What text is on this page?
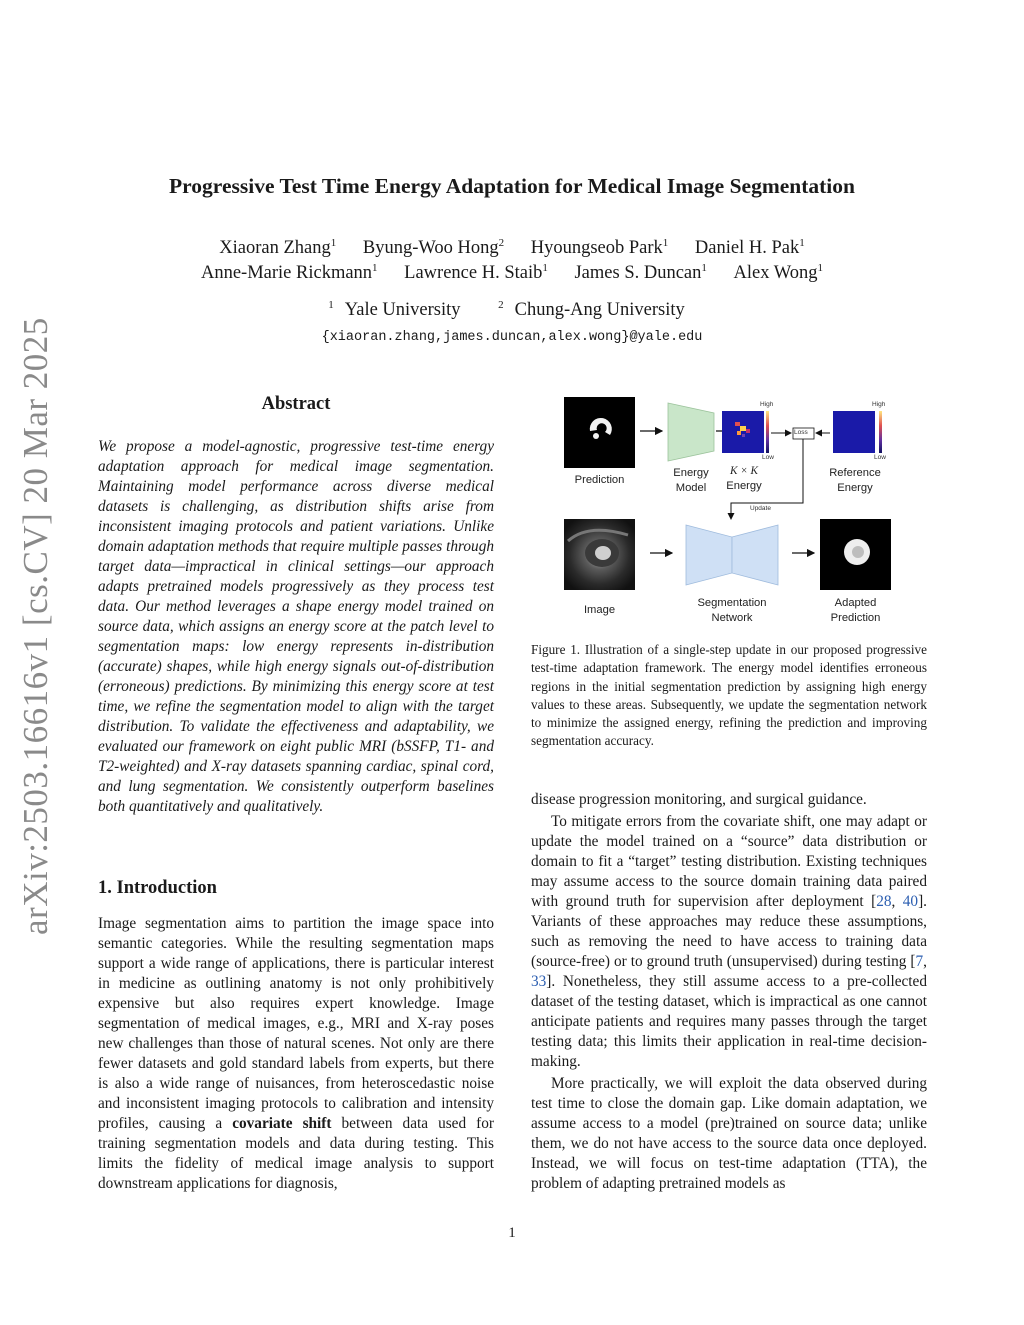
arXiv:2503.16616v1 [cs.CV] 20 Mar 2025
Progressive Test Time Energy Adaptation for Medical Image Segmentation
Xiaoran Zhang$^1$ Byung-Woo Hong$^2$ Hyoungseob Park$^1$ Daniel H. Pak$^1$
Anne-Marie Rickmann$^1$ Lawrence H. Staib$^1$ James S. Duncan$^1$ Alex Wong$^1$
$^1$ Yale University	$^2$ Chung-Ang University
{xiaoran.zhang,james.duncan,alex.wong}@yale.edu
Abstract
We propose a model-agnostic, progressive test-time energy adaptation approach for medical image segmentation. Maintaining model performance across diverse medical datasets is challenging, as distribution shifts arise from inconsistent imaging protocols and patient variations. Unlike domain adaptation methods that require multiple passes through target data—impractical in clinical settings—our approach adapts pretrained models progressively as they process test data. Our method leverages a shape energy model trained on source data, which assigns an energy score at the patch level to segmentation maps: low energy represents in-distribution (accurate) shapes, while high energy signals out-of-distribution (erroneous) predictions. By minimizing this energy score at test time, we refine the segmentation model to align with the target distribution. To validate the effectiveness and adaptability, we evaluated our framework on eight public MRI (bSSFP, T1- and T2-weighted) and X-ray datasets spanning cardiac, spinal cord, and lung segmentation. We consistently outperform baselines both quantitatively and qualitatively.
1. Introduction
Image segmentation aims to partition the image space into semantic categories. While the resulting segmentation maps support a wide range of applications, there is particular interest in medicine as outlining anatomy is not only prohibitively expensive but also requires expert knowledge. Image segmentation of medical images, e.g., MRI and X-ray poses new challenges than those of natural scenes. Not only are there fewer datasets and gold standard labels from experts, but there is also a wide range of nuisances, from heteroscedastic noise and inconsistent imaging protocols to calibration and intensity profiles, causing a covariate shift between data used for training segmentation models and data during testing. This limits the fidelity of medical image analysis to support downstream applications for diagnosis,
Prediction
Energy
Model
K × K
Energy
Reference
Energy
Image
Segmentation
Network
Adapted
Prediction
Loss
Update
High
Low
High
Low
Figure 1. Illustration of a single-step update in our proposed progressive test-time adaptation framework. The energy model identifies erroneous regions in the initial segmentation prediction by assigning high energy values to these areas. Subsequently, we update the segmentation network to minimize the assigned energy, refining the prediction and improving segmentation accuracy.

disease progression monitoring, and surgical guidance.

To mitigate errors from the covariate shift, one may adapt or update the model trained on a “source” data distribution or domain to fit a “target” testing distribution. Existing techniques may assume access to the source domain training data paired with ground truth for supervision after deployment [28, 40]. Variants of these approaches may reduce these assumptions, such as removing the need to have access to training data (source-free) or to ground truth (unsupervised) during testing [7, 33]. Nonetheless, they still assume access to a pre-collected dataset of the testing dataset, which is impractical as one cannot anticipate patients and requires many passes through the target testing data; this limits their application in real-time decision-making.

More practically, we will exploit the data observed during test time to close the domain gap. Like domain adaptation, we assume access to a model (pre)trained on source data; unlike them, we do not have access to the source data once deployed. Instead, we will focus on test-time adaptation (TTA), the problem of adapting pretrained models as

1
